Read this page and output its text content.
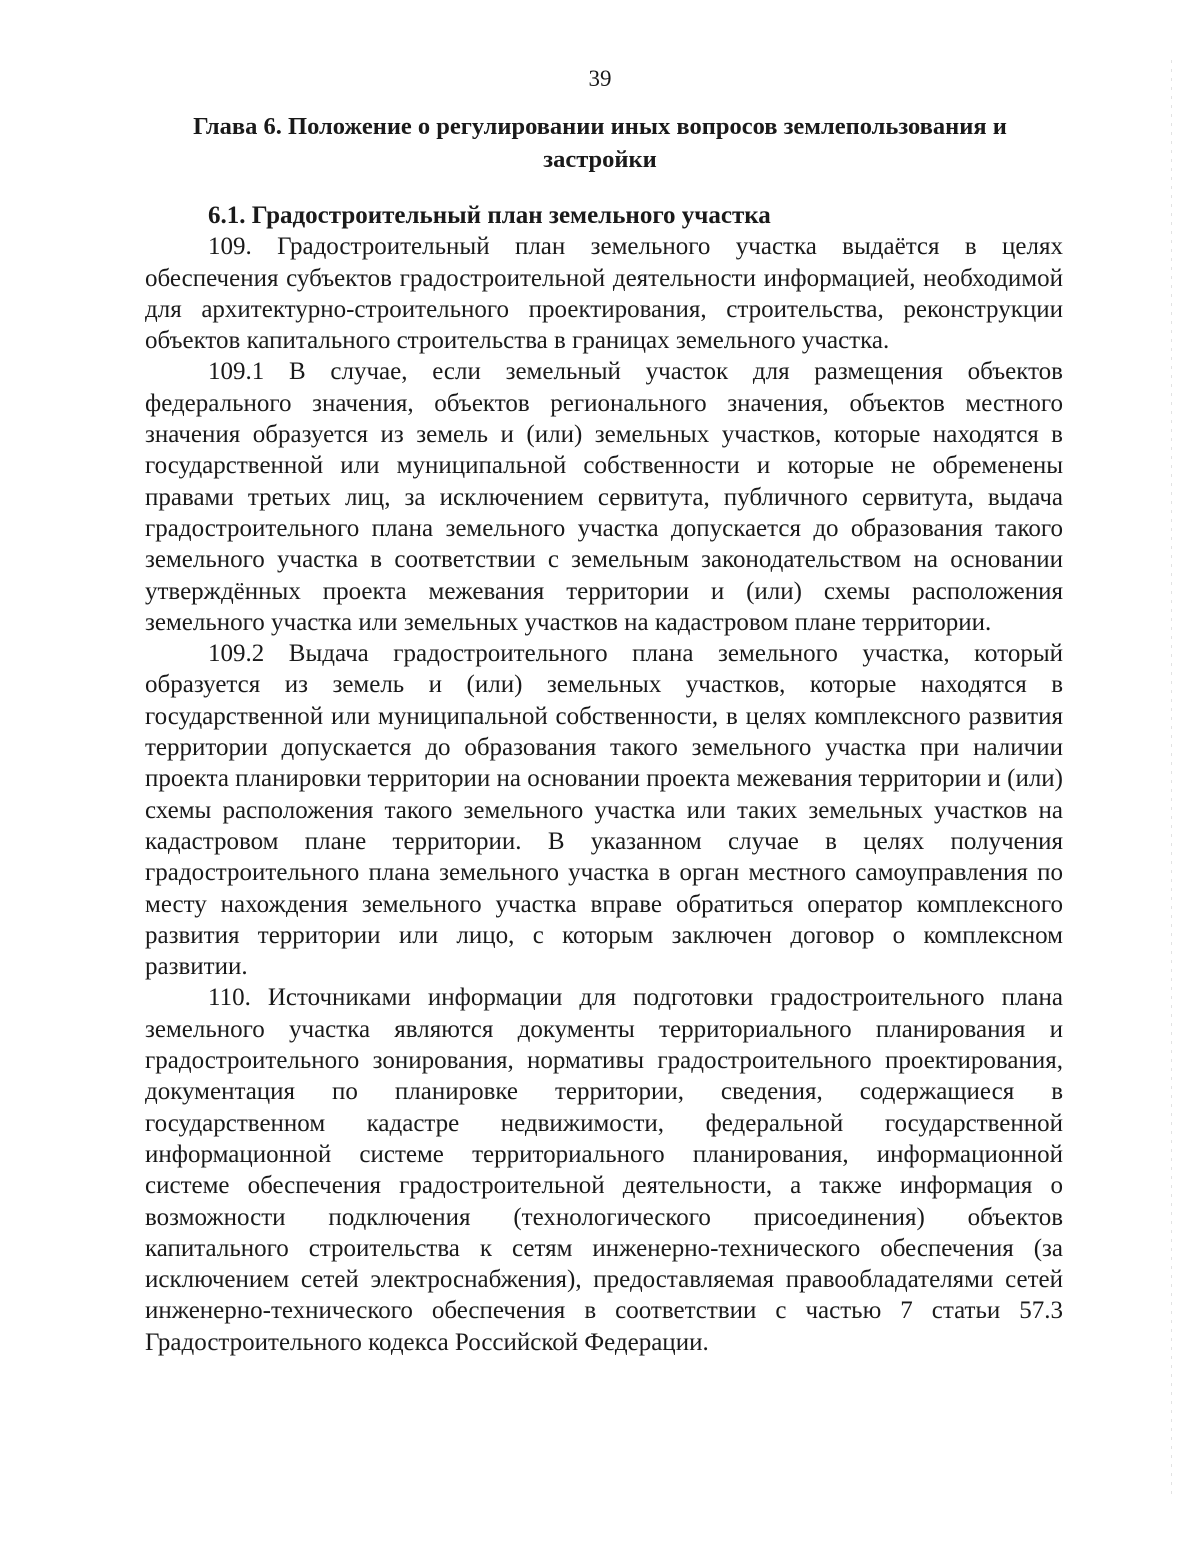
39
Глава 6. Положение о регулировании иных вопросов землепользования и застройки

6.1. Градостроительный план земельного участка

109. Градостроительный план земельного участка выдаётся в целях обеспечения субъектов градостроительной деятельности информацией, необходимой для архитектурно-строительного проектирования, строительства, реконструкции объектов капитального строительства в границах земельного участка.

109.1 В случае, если земельный участок для размещения объектов федерального значения, объектов регионального значения, объектов местного значения образуется из земель и (или) земельных участков, которые находятся в государственной или муниципальной собственности и которые не обременены правами третьих лиц, за исключением сервитута, публичного сервитута, выдача градостроительного плана земельного участка допускается до образования такого земельного участка в соответствии с земельным законодательством на основании утверждённых проекта межевания территории и (или) схемы расположения земельного участка или земельных участков на кадастровом плане территории.

109.2 Выдача градостроительного плана земельного участка, который образуется из земель и (или) земельных участков, которые находятся в государственной или муниципальной собственности, в целях комплексного развития территории допускается до образования такого земельного участка при наличии проекта планировки территории на основании проекта межевания территории и (или) схемы расположения такого земельного участка или таких земельных участков на кадастровом плане территории. В указанном случае в целях получения градостроительного плана земельного участка в орган местного самоуправления по месту нахождения земельного участка вправе обратиться оператор комплексного развития территории или лицо, с которым заключен договор о комплексном развитии.

110. Источниками информации для подготовки градостроительного плана земельного участка являются документы территориального планирования и градостроительного зонирования, нормативы градостроительного проектирования, документация по планировке территории, сведения, содержащиеся в государственном кадастре недвижимости, федеральной государственной информационной системе территориального планирования, информационной системе обеспечения градостроительной деятельности, а также информация о возможности подключения (технологического присоединения) объектов капитального строительства к сетям инженерно-технического обеспечения (за исключением сетей электроснабжения), предоставляемая правообладателями сетей инженерно-технического обеспечения в соответствии с частью 7 статьи 57.3 Градостроительного кодекса Российской Федерации.
